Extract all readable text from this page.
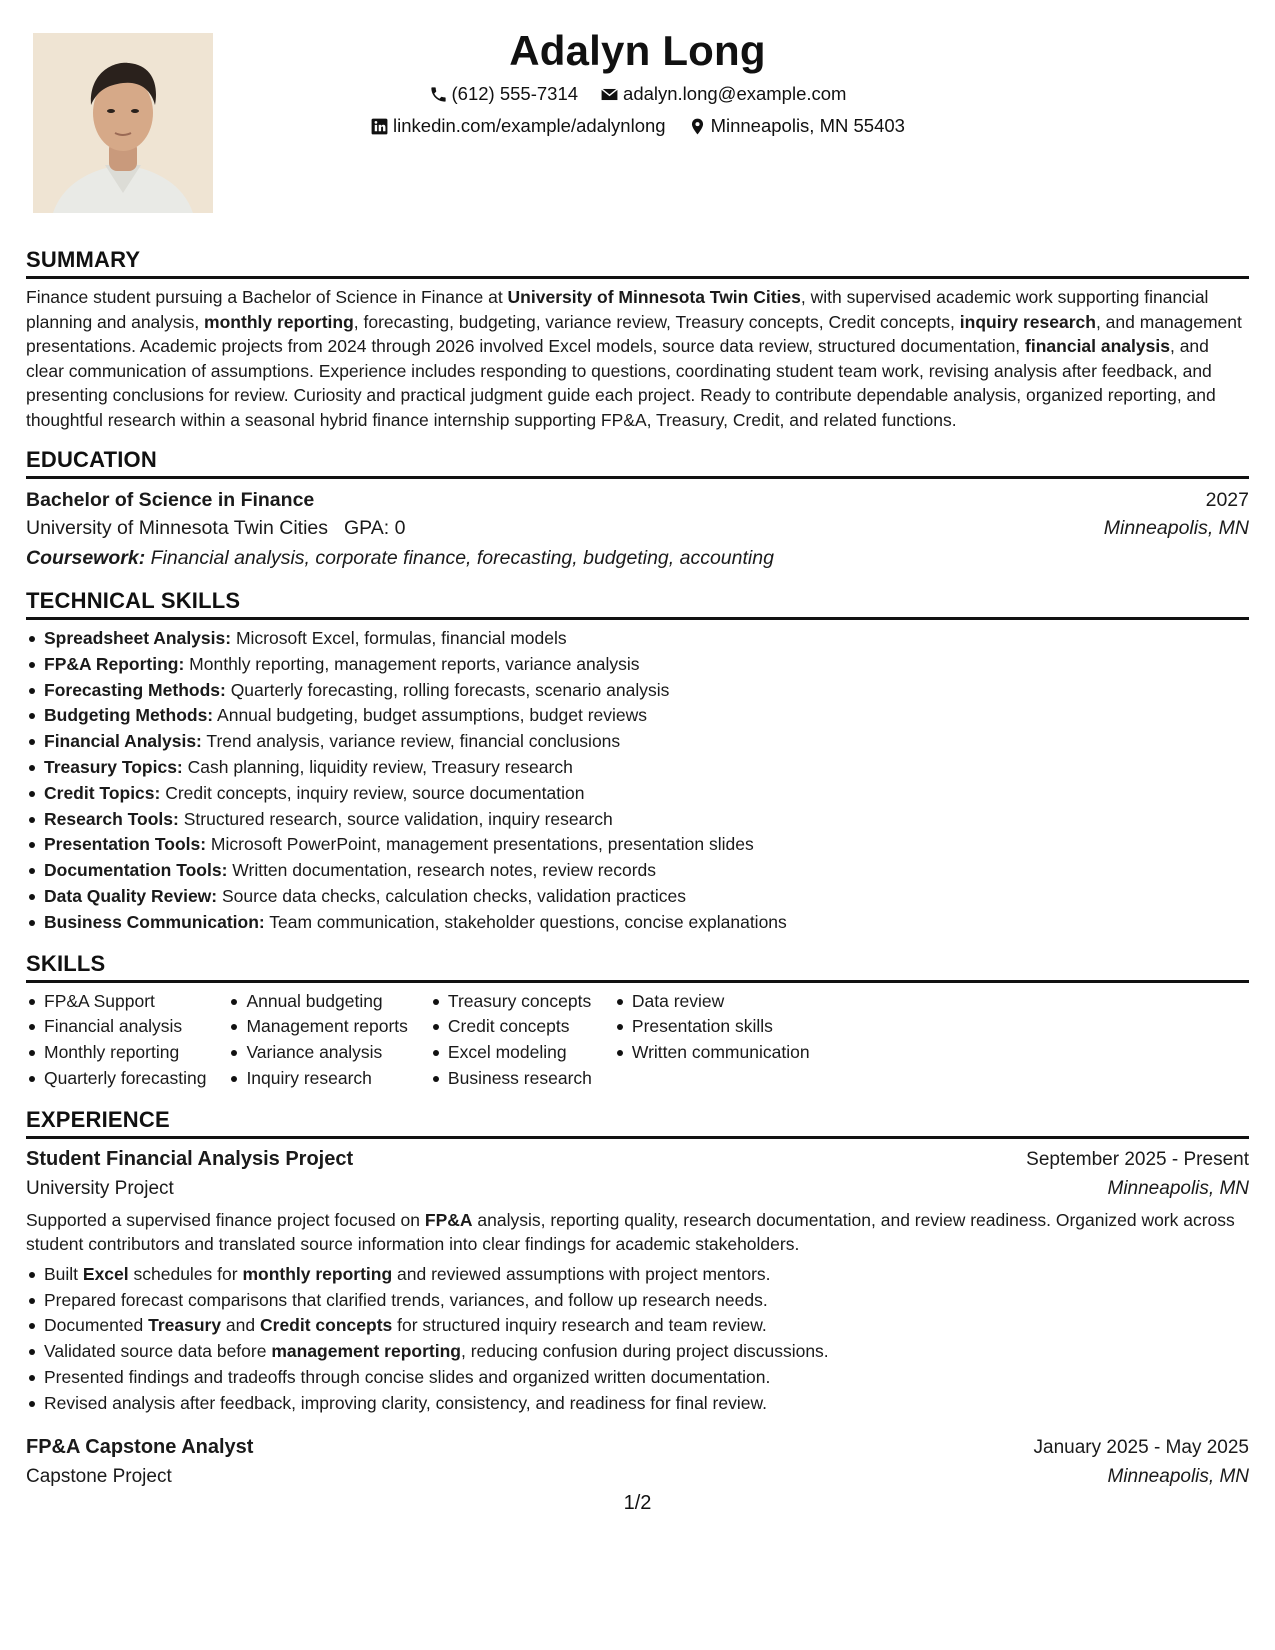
Adalyn Long
(612) 555-7314 adalyn.long@example.com
linkedin.com/example/adalynlong Minneapolis, MN 55403
SUMMARY
Finance student pursuing a Bachelor of Science in Finance at University of Minnesota Twin Cities, with supervised academic work supporting financial planning and analysis, monthly reporting, forecasting, budgeting, variance review, Treasury concepts, Credit concepts, inquiry research, and management presentations. Academic projects from 2024 through 2026 involved Excel models, source data review, structured documentation, financial analysis, and clear communication of assumptions. Experience includes responding to questions, coordinating student team work, revising analysis after feedback, and presenting conclusions for review. Curiosity and practical judgment guide each project. Ready to contribute dependable analysis, organized reporting, and thoughtful research within a seasonal hybrid finance internship supporting FP&A, Treasury, Credit, and related functions.
EDUCATION
Bachelor of Science in Finance	2027
University of Minnesota Twin Cities GPA: 0	Minneapolis, MN
Coursework: Financial analysis, corporate finance, forecasting, budgeting, accounting
TECHNICAL SKILLS
Spreadsheet Analysis: Microsoft Excel, formulas, financial models
FP&A Reporting: Monthly reporting, management reports, variance analysis
Forecasting Methods: Quarterly forecasting, rolling forecasts, scenario analysis
Budgeting Methods: Annual budgeting, budget assumptions, budget reviews
Financial Analysis: Trend analysis, variance review, financial conclusions
Treasury Topics: Cash planning, liquidity review, Treasury research
Credit Topics: Credit concepts, inquiry review, source documentation
Research Tools: Structured research, source validation, inquiry research
Presentation Tools: Microsoft PowerPoint, management presentations, presentation slides
Documentation Tools: Written documentation, research notes, review records
Data Quality Review: Source data checks, calculation checks, validation practices
Business Communication: Team communication, stakeholder questions, concise explanations
SKILLS
FP&A Support
Financial analysis
Monthly reporting
Quarterly forecasting
Annual budgeting
Management reports
Variance analysis
Inquiry research
Treasury concepts
Credit concepts
Excel modeling
Business research
Data review
Presentation skills
Written communication
EXPERIENCE
Student Financial Analysis Project	September 2025 - Present
University Project	Minneapolis, MN
Supported a supervised finance project focused on FP&A analysis, reporting quality, research documentation, and review readiness. Organized work across student contributors and translated source information into clear findings for academic stakeholders.
Built Excel schedules for monthly reporting and reviewed assumptions with project mentors.
Prepared forecast comparisons that clarified trends, variances, and follow up research needs.
Documented Treasury and Credit concepts for structured inquiry research and team review.
Validated source data before management reporting, reducing confusion during project discussions.
Presented findings and tradeoffs through concise slides and organized written documentation.
Revised analysis after feedback, improving clarity, consistency, and readiness for final review.
FP&A Capstone Analyst	January 2025 - May 2025
Capstone Project	Minneapolis, MN
1/2
